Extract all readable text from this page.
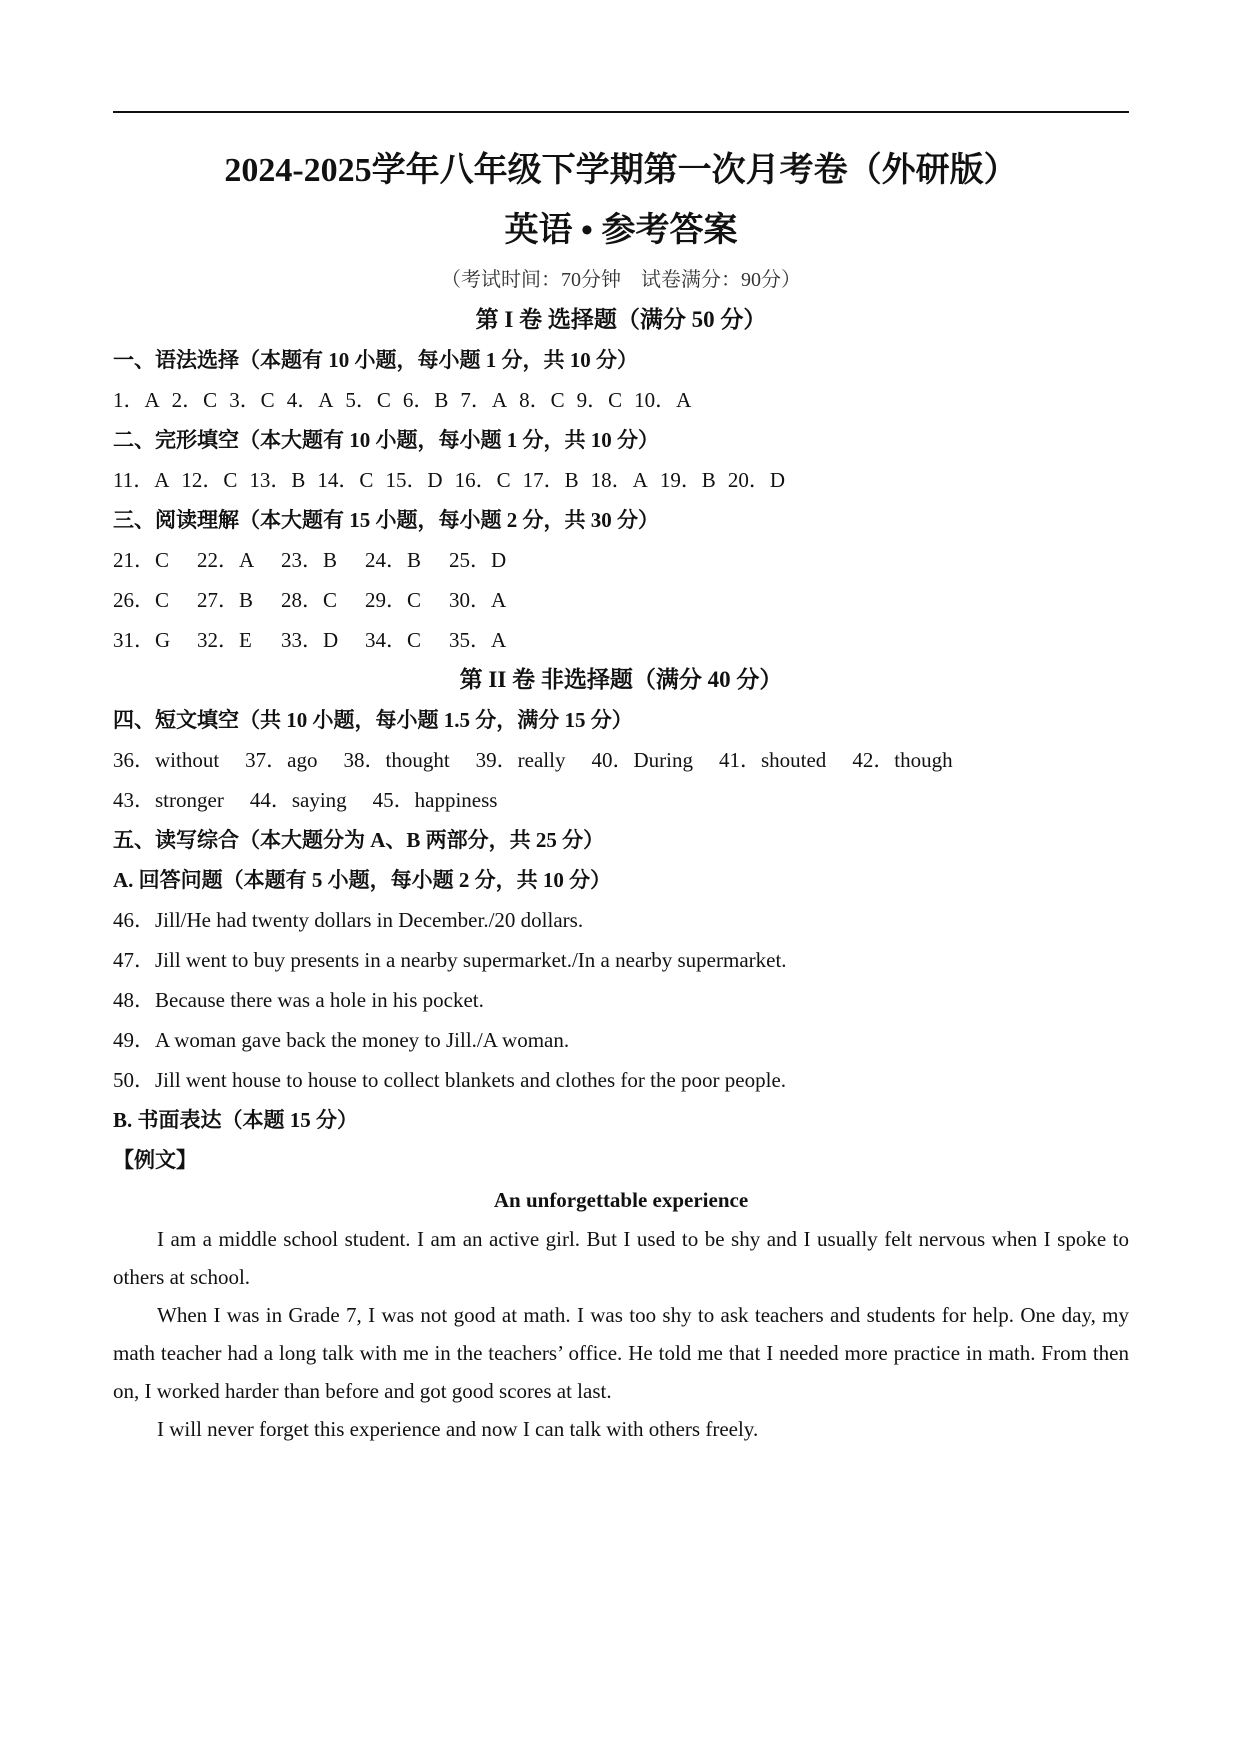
2024-2025学年八年级下学期第一次月考卷（外研版）
英语 • 参考答案
（考试时间：70分钟　试卷满分：90分）
第 I 卷 选择题（满分 50 分）
一、语法选择（本题有 10 小题，每小题 1 分，共 10 分）
1．A 2．C 3．C 4．A 5．C 6．B 7．A 8．C 9．C 10．A
二、完形填空（本大题有 10 小题，每小题 1 分，共 10 分）
11．A 12．C 13．B 14．C 15．D 16．C 17．B 18．A 19．B 20．D
三、阅读理解（本大题有 15 小题，每小题 2 分，共 30 分）
21．C 22．A 23．B 24．B 25．D
26．C 27．B 28．C 29．C 30．A
31．G 32．E 33．D 34．C 35．A
第 II 卷 非选择题（满分 40 分）
四、短文填空（共 10 小题，每小题 1.5 分，满分 15 分）
36．without 37．ago 38．thought 39．really 40．During 41．shouted 42．though
43．stronger 44．saying 45．happiness
五、读写综合（本大题分为 A、B 两部分，共 25 分）
A. 回答问题（本题有 5 小题，每小题 2 分，共 10 分）
46．Jill/He had twenty dollars in December./20 dollars.
47．Jill went to buy presents in a nearby supermarket./In a nearby supermarket.
48．Because there was a hole in his pocket.
49．A woman gave back the money to Jill./A woman.
50．Jill went house to house to collect blankets and clothes for the poor people.
B. 书面表达（本题 15 分）
【例文】
An unforgettable experience

I am a middle school student. I am an active girl. But I used to be shy and I usually felt nervous when I spoke to others at school.

When I was in Grade 7, I was not good at math. I was too shy to ask teachers and students for help. One day, my math teacher had a long talk with me in the teachers’ office. He told me that I needed more practice in math. From then on, I worked harder than before and got good scores at last.

I will never forget this experience and now I can talk with others freely.
